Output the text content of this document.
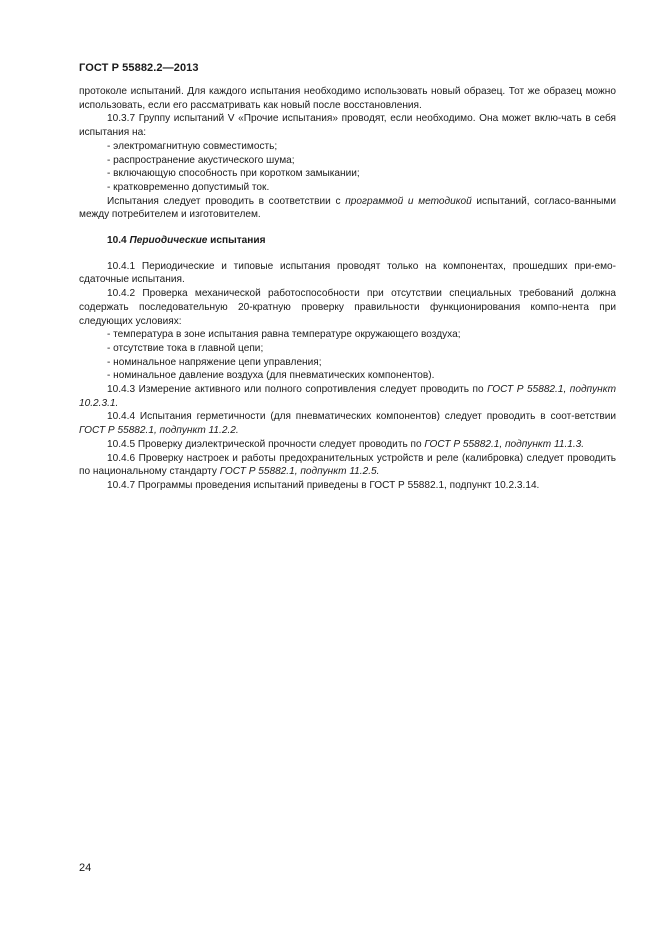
ГОСТ Р 55882.2—2013

протоколе испытаний. Для каждого испытания необходимо использовать новый образец. Тот же образец можно использовать, если его рассматривать как новый после восстановления.

10.3.7 Группу испытаний V «Прочие испытания» проводят, если необходимо. Она может вклю-чать в себя испытания на:

- электромагнитную совместимость;

- распространение акустического шума;

- включающую способность при коротком замыкании;

- кратковременно допустимый ток.

Испытания следует проводить в соответствии с программой и методикой испытаний, согласо-ванными между потребителем и изготовителем.

10.4 Периодические испытания

10.4.1 Периодические и типовые испытания проводят только на компонентах, прошедших при-емо-сдаточные испытания.

10.4.2 Проверка механической работоспособности при отсутствии специальных требований должна содержать последовательную 20-кратную проверку правильности функционирования компо-нента при следующих условиях:

- температура в зоне испытания равна температуре окружающего воздуха;

- отсутствие тока в главной цепи;

- номинальное напряжение цепи управления;

- номинальное давление воздуха (для пневматических компонентов).

10.4.3 Измерение активного или полного сопротивления следует проводить по ГОСТ Р 55882.1, подпункт 10.2.3.1.

10.4.4 Испытания герметичности (для пневматических компонентов) следует проводить в соот-ветствии ГОСТ Р 55882.1, подпункт 11.2.2.

10.4.5 Проверку диэлектрической прочности следует проводить по ГОСТ Р 55882.1, подпункт 11.1.3.

10.4.6 Проверку настроек и работы предохранительных устройств и реле (калибровка) следует проводить по национальному стандарту ГОСТ Р 55882.1, подпункт 11.2.5.

10.4.7 Программы проведения испытаний приведены в ГОСТ Р 55882.1, подпункт 10.2.3.14.

24
